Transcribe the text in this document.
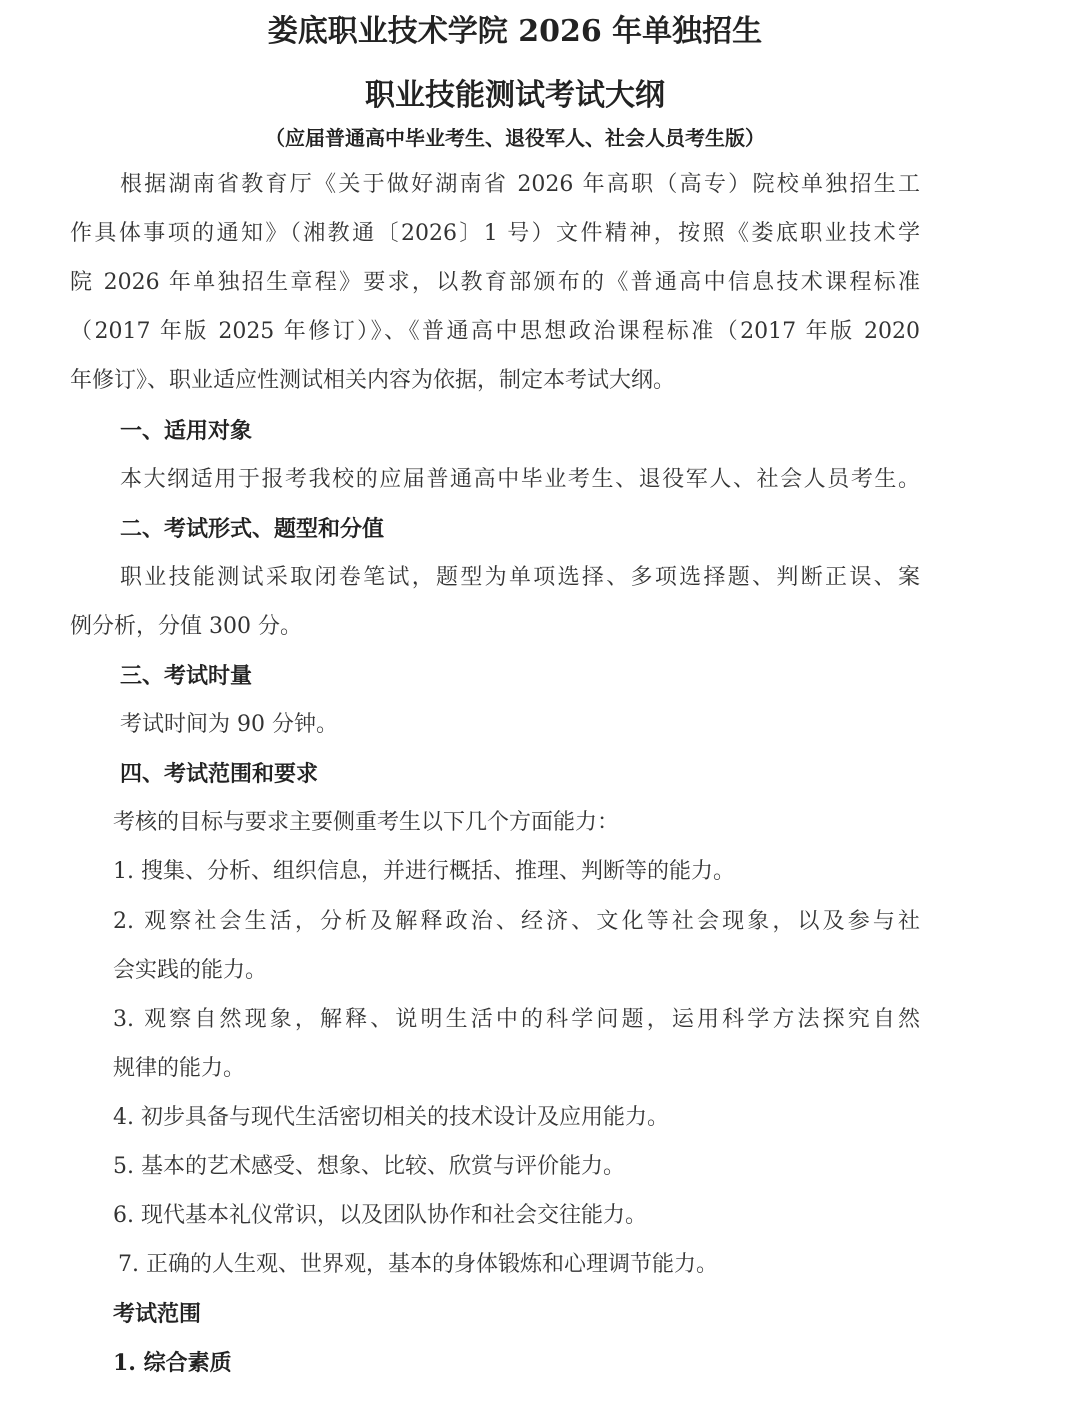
娄底职业技术学院 2026 年单独招生
职业技能测试考试大纲
（应届普通高中毕业考生、退役军人、社会人员考生版）
根据湖南省教育厅《关于做好湖南省 2026 年高职（高专）院校单独招生工
作具体事项的通知》（湘教通〔2026〕1 号）文件精神，按照《娄底职业技术学
院 2026 年单独招生章程》要求，以教育部颁布的《普通高中信息技术课程标准
（2017 年版 2025 年修订）》、《普通高中思想政治课程标准（2017 年版 2020
年修订》、职业适应性测试相关内容为依据，制定本考试大纲。
一、适用对象
本大纲适用于报考我校的应届普通高中毕业考生、退役军人、社会人员考生。
二、考试形式、题型和分值
职业技能测试采取闭卷笔试，题型为单项选择、多项选择题、判断正误、案
例分析，分值 300 分。
三、考试时量
考试时间为 90 分钟。
四、考试范围和要求
考核的目标与要求主要侧重考生以下几个方面能力：
1. 搜集、分析、组织信息，并进行概括、推理、判断等的能力。
2. 观察社会生活，分析及解释政治、经济、文化等社会现象，以及参与社
会实践的能力。
3. 观察自然现象，解释、说明生活中的科学问题，运用科学方法探究自然
规律的能力。
4. 初步具备与现代生活密切相关的技术设计及应用能力。
5. 基本的艺术感受、想象、比较、欣赏与评价能力。
6. 现代基本礼仪常识，以及团队协作和社会交往能力。
7. 正确的人生观、世界观，基本的身体锻炼和心理调节能力。
考试范围
1. 综合素质
